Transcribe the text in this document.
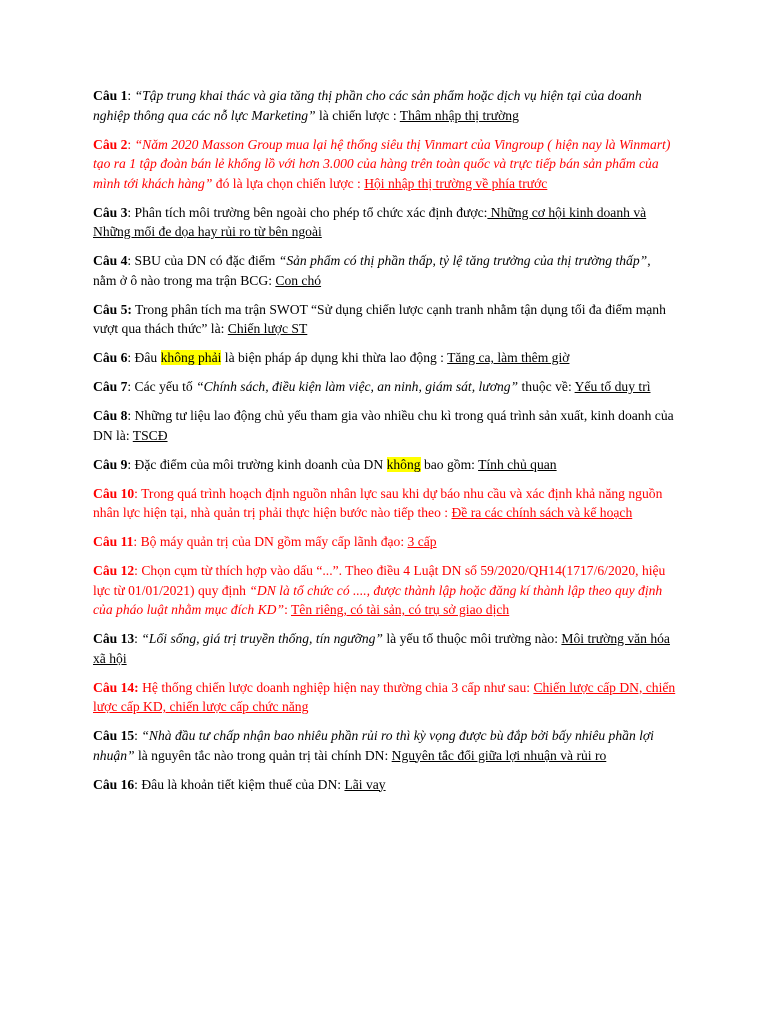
Câu 1: “Tập trung khai thác và gia tăng thị phần cho các sản phẩm hoặc dịch vụ hiện tại của doanh nghiệp thông qua các nỗ lực Marketing” là chiến lược : Thâm nhập thị trường

Câu 2: “Năm 2020 Masson Group mua lại hệ thống siêu thị Vinmart của Vingroup ( hiện nay là Winmart) tạo ra 1 tập đoàn bán lẻ khổng lồ với hơn 3.000 của hàng trên toàn quốc và trực tiếp bán sản phẩm của mình tới khách hàng” đó là lựa chọn chiến lược : Hội nhập thị trường về phía trước

Câu 3: Phân tích môi trường bên ngoài cho phép tổ chức xác định được: Những cơ hội kinh doanh và Những mối đe dọa hay rủi ro từ bên ngoài

Câu 4: SBU của DN có đặc điểm “Sản phẩm có thị phần thấp, tỷ lệ tăng trưởng của thị trường thấp”, nằm ở ô nào trong ma trận BCG: Con chó

Câu 5: Trong phân tích ma trận SWOT “Sử dụng chiến lược cạnh tranh nhằm tận dụng tối đa điểm mạnh vượt qua thách thức” là: Chiến lược ST

Câu 6: Đâu không phải là biện pháp áp dụng khi thừa lao động : Tăng ca, làm thêm giờ

Câu 7: Các yếu tố “Chính sách, điều kiện làm việc, an ninh, giám sát, lương” thuộc về: Yếu tố duy trì

Câu 8: Những tư liệu lao động chủ yếu tham gia vào nhiều chu kì trong quá trình sản xuất, kinh doanh của DN là: TSCĐ

Câu 9: Đặc điểm của môi trường kinh doanh của DN không bao gồm: Tính chủ quan

Câu 10: Trong quá trình hoạch định nguồn nhân lực sau khi dự báo nhu cầu và xác định khả năng nguồn nhân lực hiện tại, nhà quản trị phải thực hiện bước nào tiếp theo : Đề ra các chính sách và kế hoạch

Câu 11: Bộ máy quản trị của DN gồm mấy cấp lãnh đạo: 3 cấp

Câu 12: Chọn cụm từ thích hợp vào dấu “...”. Theo điều 4 Luật DN số 59/2020/QH14(1717/6/2020, hiệu lực từ 01/01/2021) quy định “DN là tổ chức có ...., được thành lập hoặc đăng kí thành lập theo quy định của pháo luật nhằm mục đích KD”: Tên riêng, có tài sản, có trụ sở giao dịch

Câu 13: “Lối sống, giá trị truyền thống, tín ngưỡng” là yếu tố thuộc môi trường nào: Môi trường văn hóa xã hội

Câu 14: Hệ thống chiến lược doanh nghiệp hiện nay thường chia 3 cấp như sau: Chiến lược cấp DN, chiến lược cấp KD, chiến lược cấp chức năng

Câu 15: “Nhà đầu tư chấp nhận bao nhiêu phần rủi ro thì kỳ vọng được bù đắp bởi bấy nhiêu phần lợi nhuận” là nguyên tắc nào trong quản trị tài chính DN: Nguyên tắc đổi giữa lợi nhuận và rủi ro

Câu 16: Đâu là khoản tiết kiệm thuế của DN: Lãi vay
